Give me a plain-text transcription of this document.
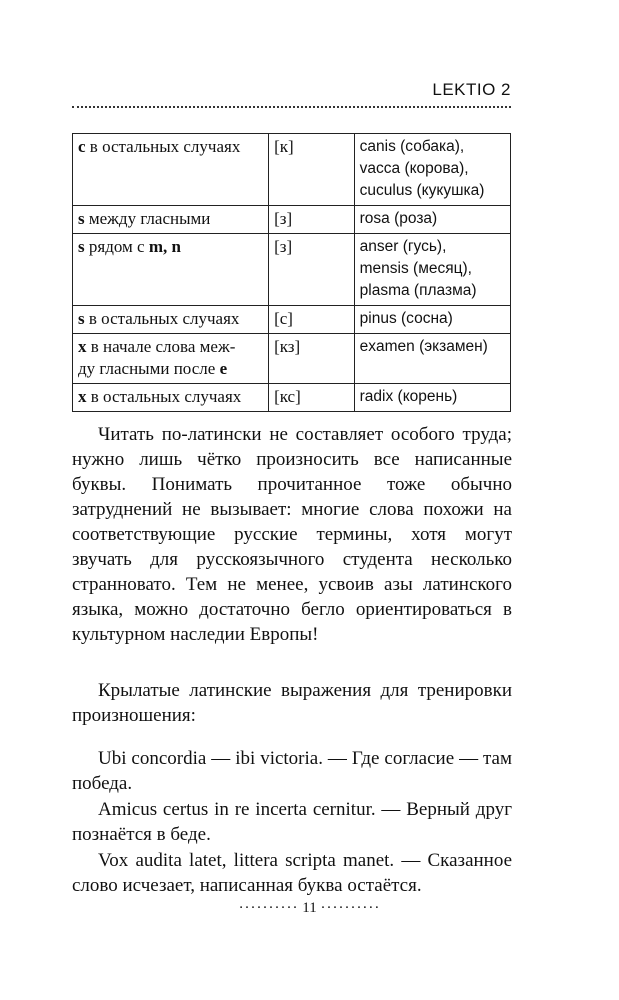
LEKTIO 2
c в остальных случаях	[к]	canis (собака),
vacca (корова),
cuculus (кукушка)

s между гласными	[з]	rosa (роза)

s рядом с m, n	[з]	anser (гусь),
mensis (месяц),
plasma (плазма)

s в остальных случаях	[с]	pinus (сосна)

x в начале слова меж-
ду гласными после e	[кз]	examen (экзамен)

x в остальных случаях	[кс]	radix (корень)

Читать по-латински не составляет особого труда; нужно лишь чётко произносить все написанные буквы. Понимать прочитанное тоже обычно затруднений не вызывает: многие слова похожи на соответствующие русские термины, хотя могут звучать для русскоязычного студента несколько странновато. Тем не менее, усвоив азы латинского языка, можно достаточно бегло ориентироваться в культурном наследии Европы!

Крылатые латинские выражения для тренировки произношения:

Ubi concordia — ibi victoria. — Где согласие — там победа.

Amicus certus in re incerta cernitur. — Верный друг познаётся в беде.

Vox audita latet, littera scripta manet. — Сказанное слово исчезает, написанная буква остаётся.

·········· 11 ··········
